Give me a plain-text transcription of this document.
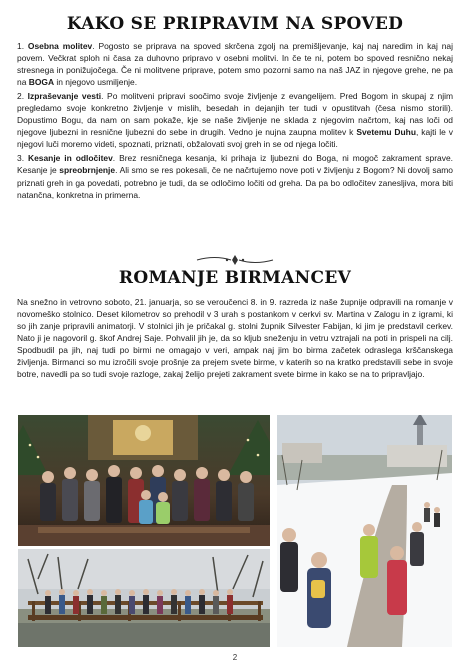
KAKO SE PRIPRAVIM NA SPOVED

1. Osebna molitev. Pogosto se priprava na spoved skrčena zgolj na premišljevanje, kaj naj naredim in kaj naj povem. Večkrat sploh ni časa za duhovno pripravo v osebni molitvi. In če te ni, potem bo spoved resnično nekaj stresnega in ponižujočega. Če ni molitvene priprave, potem smo pozorni samo na naš JAZ in njegove grehe, ne pa na BOGA in njegovo usmiljenje.

2. Izpraševanje vesti. Po molitveni pripravi soočimo svoje življenje z evangelijem. Pred Bogom in skupaj z njim pregledamo svoje konkretno življenje v mislih, besedah in dejanjih ter tudi v opustitvah (česa nismo storili). Dopustimo Bogu, da nam on sam pokaže, kje se naše življenje ne sklada z njegovim načrtom, kaj nas loči od njegove ljubezni in resnične ljubezni do sebe in drugih. Vedno je nujna zaupna molitev k Svetemu Duhu, kajti le v njegovi luči moremo videti, spoznati, priznati, obžalovati svoj greh in se od njega ločiti.

3. Kesanje in odločitev. Brez resničnega kesanja, ki prihaja iz ljubezni do Boga, ni mogoč zakrament sprave. Kesanje je spreobrnjenje. Ali smo se res pokesali, če ne načrtujemo nove poti v življenju z Bogom? Ni dovolj samo priznati greh in ga povedati, potrebno je tudi, da se odločimo ločiti od greha. Da pa bo odločitev zanesljiva, mora biti natančna, konkretna in primerna.

ROMANJE BIRMANCEV

Na snežno in vetrovno soboto, 21. januarja, so se veroučenci 8. in 9. razreda iz naše župnije odpravili na romanje v novomeško stolnico. Deset kilometrov so prehodil v 3 urah s postankom v cerkvi sv. Martina v Zalogu in z igrami, ki so jih zanje pripravili animatorji. V stolnici jih je pričakal g. stolni župnik Silvester Fabijan, ki jim je predstavil cerkev. Nato ji je nagovoril g. škof Andrej Saje. Pohvalil jih je, da so kljub sneženju in vetru vztrajali na poti in prispeli na cilj. Spodbudil pa jih, naj tudi po birmi ne omagajo v veri, ampak naj jim bo birma začetek odraslega krščanskega življenja. Birmanci so mu izročili svoje prošnje za prejem svete birme, v katerih so na kratko predstavili sebe in svoje botre, navedli pa so tudi svoje razloge, zakaj želijo prejeti zakrament svete birme in kako se na to pripravljajo.

2
